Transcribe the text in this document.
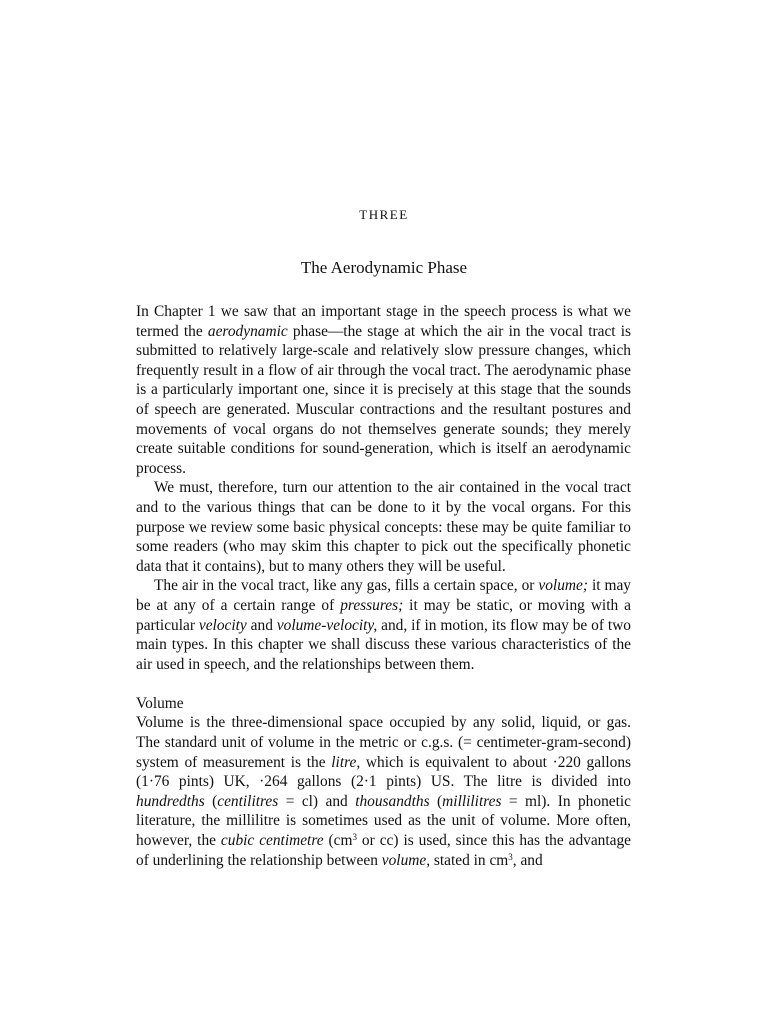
THREE
The Aerodynamic Phase

In Chapter 1 we saw that an important stage in the speech process is what we termed the aerodynamic phase—the stage at which the air in the vocal tract is submitted to relatively large-scale and relatively slow pressure changes, which frequently result in a flow of air through the vocal tract. The aerodynamic phase is a particularly important one, since it is precisely at this stage that the sounds of speech are generated. Muscular contractions and the resultant postures and movements of vocal organs do not themselves generate sounds; they merely create suitable conditions for sound-generation, which is itself an aerodynamic process.

We must, therefore, turn our attention to the air contained in the vocal tract and to the various things that can be done to it by the vocal organs. For this purpose we review some basic physical concepts: these may be quite familiar to some readers (who may skim this chapter to pick out the specifically phonetic data that it contains), but to many others they will be useful.

The air in the vocal tract, like any gas, fills a certain space, or volume; it may be at any of a certain range of pressures; it may be static, or moving with a particular velocity and volume-velocity, and, if in motion, its flow may be of two main types. In this chapter we shall discuss these various characteristics of the air used in speech, and the relationships between them.

Volume

Volume is the three-dimensional space occupied by any solid, liquid, or gas. The standard unit of volume in the metric or c.g.s. (= centimeter-gram-second) system of measurement is the litre, which is equivalent to about ·220 gallons (1·76 pints) UK, ·264 gallons (2·1 pints) US. The litre is divided into hundredths (centilitres = cl) and thousandths (millilitres = ml). In phonetic literature, the millilitre is sometimes used as the unit of volume. More often, however, the cubic centimetre ($cm^3$ or cc) is used, since this has the advantage of underlining the relationship between volume, stated in $cm^3$, and
